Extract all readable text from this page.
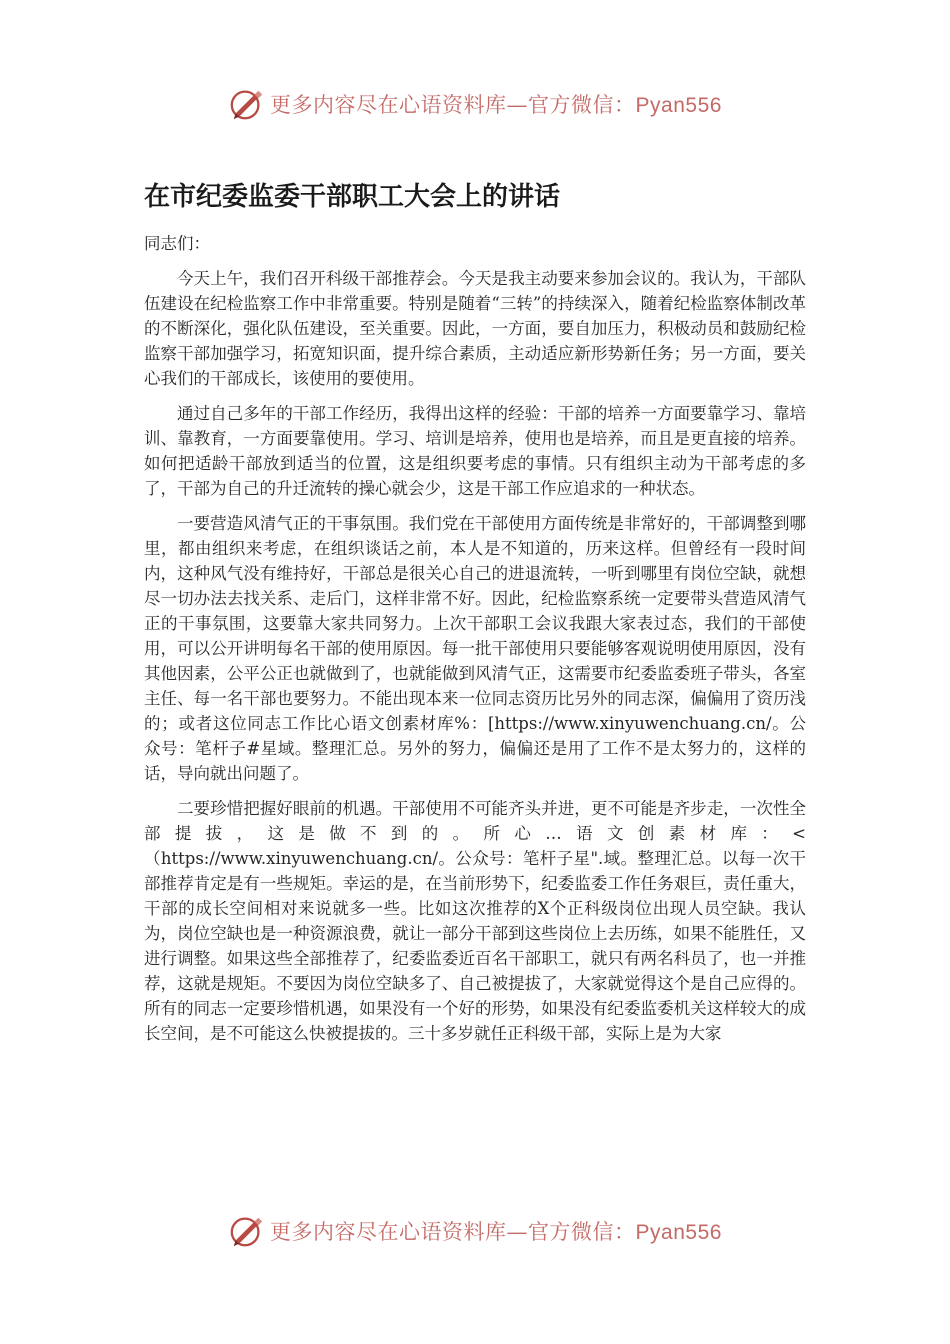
更多内容尽在心语资料库—官方微信：Pyan556
在市纪委监委干部职工大会上的讲话

同志们：

今天上午，我们召开科级干部推荐会。今天是我主动要来参加会议的。我认为，干部队伍建设在纪检监察工作中非常重要。特别是随着“三转”的持续深入，随着纪检监察体制改革的不断深化，强化队伍建设，至关重要。因此，一方面，要自加压力，积极动员和鼓励纪检监察干部加强学习，拓宽知识面，提升综合素质，主动适应新形势新任务；另一方面，要关心我们的干部成长，该使用的要使用。

通过自己多年的干部工作经历，我得出这样的经验：干部的培养一方面要靠学习、靠培训、靠教育，一方面要靠使用。学习、培训是培养，使用也是培养，而且是更直接的培养。如何把适龄干部放到适当的位置，这是组织要考虑的事情。只有组织主动为干部考虑的多了，干部为自己的升迁流转的操心就会少，这是干部工作应追求的一种状态。

一要营造风清气正的干事氛围。我们党在干部使用方面传统是非常好的，干部调整到哪里，都由组织来考虑，在组织谈话之前，本人是不知道的，历来这样。但曾经有一段时间内，这种风气没有维持好，干部总是很关心自己的进退流转，一听到哪里有岗位空缺，就想尽一切办法去找关系、走后门，这样非常不好。因此，纪检监察系统一定要带头营造风清气正的干事氛围，这要靠大家共同努力。上次干部职工会议我跟大家表过态，我们的干部使用，可以公开讲明每名干部的使用原因。每一批干部使用只要能够客观说明使用原因，没有其他因素，公平公正也就做到了，也就能做到风清气正，这需要市纪委监委班子带头，各室主任、每一名干部也要努力。不能出现本来一位同志资历比另外的同志深，偏偏用了资历浅的；或者这位同志工作比心语文创素材库%：[https://www.xinyuwenchuang.cn/。公众号：笔杆子#星域。整理汇总。另外的努力，偏偏还是用了工作不是太努力的，这样的话，导向就出问题了。

二要珍惜把握好眼前的机遇。干部使用不可能齐头并进，更不可能是齐步走，一次性全部提拔，这是做不到的。所心…语文创素材库：<（https://www.xinyuwenchuang.cn/。公众号：笔杆子星".域。整理汇总。以每一次干部推荐肯定是有一些规矩。幸运的是，在当前形势下，纪委监委工作任务艰巨，责任重大，干部的成长空间相对来说就多一些。比如这次推荐的X个正科级岗位出现人员空缺。我认为，岗位空缺也是一种资源浪费，就让一部分干部到这些岗位上去历练，如果不能胜任，又进行调整。如果这些全部推荐了，纪委监委近百名干部职工，就只有两名科员了，也一并推荐，这就是规矩。不要因为岗位空缺多了、自己被提拔了，大家就觉得这个是自己应得的。所有的同志一定要珍惜机遇，如果没有一个好的形势，如果没有纪委监委机关这样较大的成长空间，是不可能这么快被提拔的。三十多岁就任正科级干部，实际上是为大家

更多内容尽在心语资料库—官方微信：Pyan556
